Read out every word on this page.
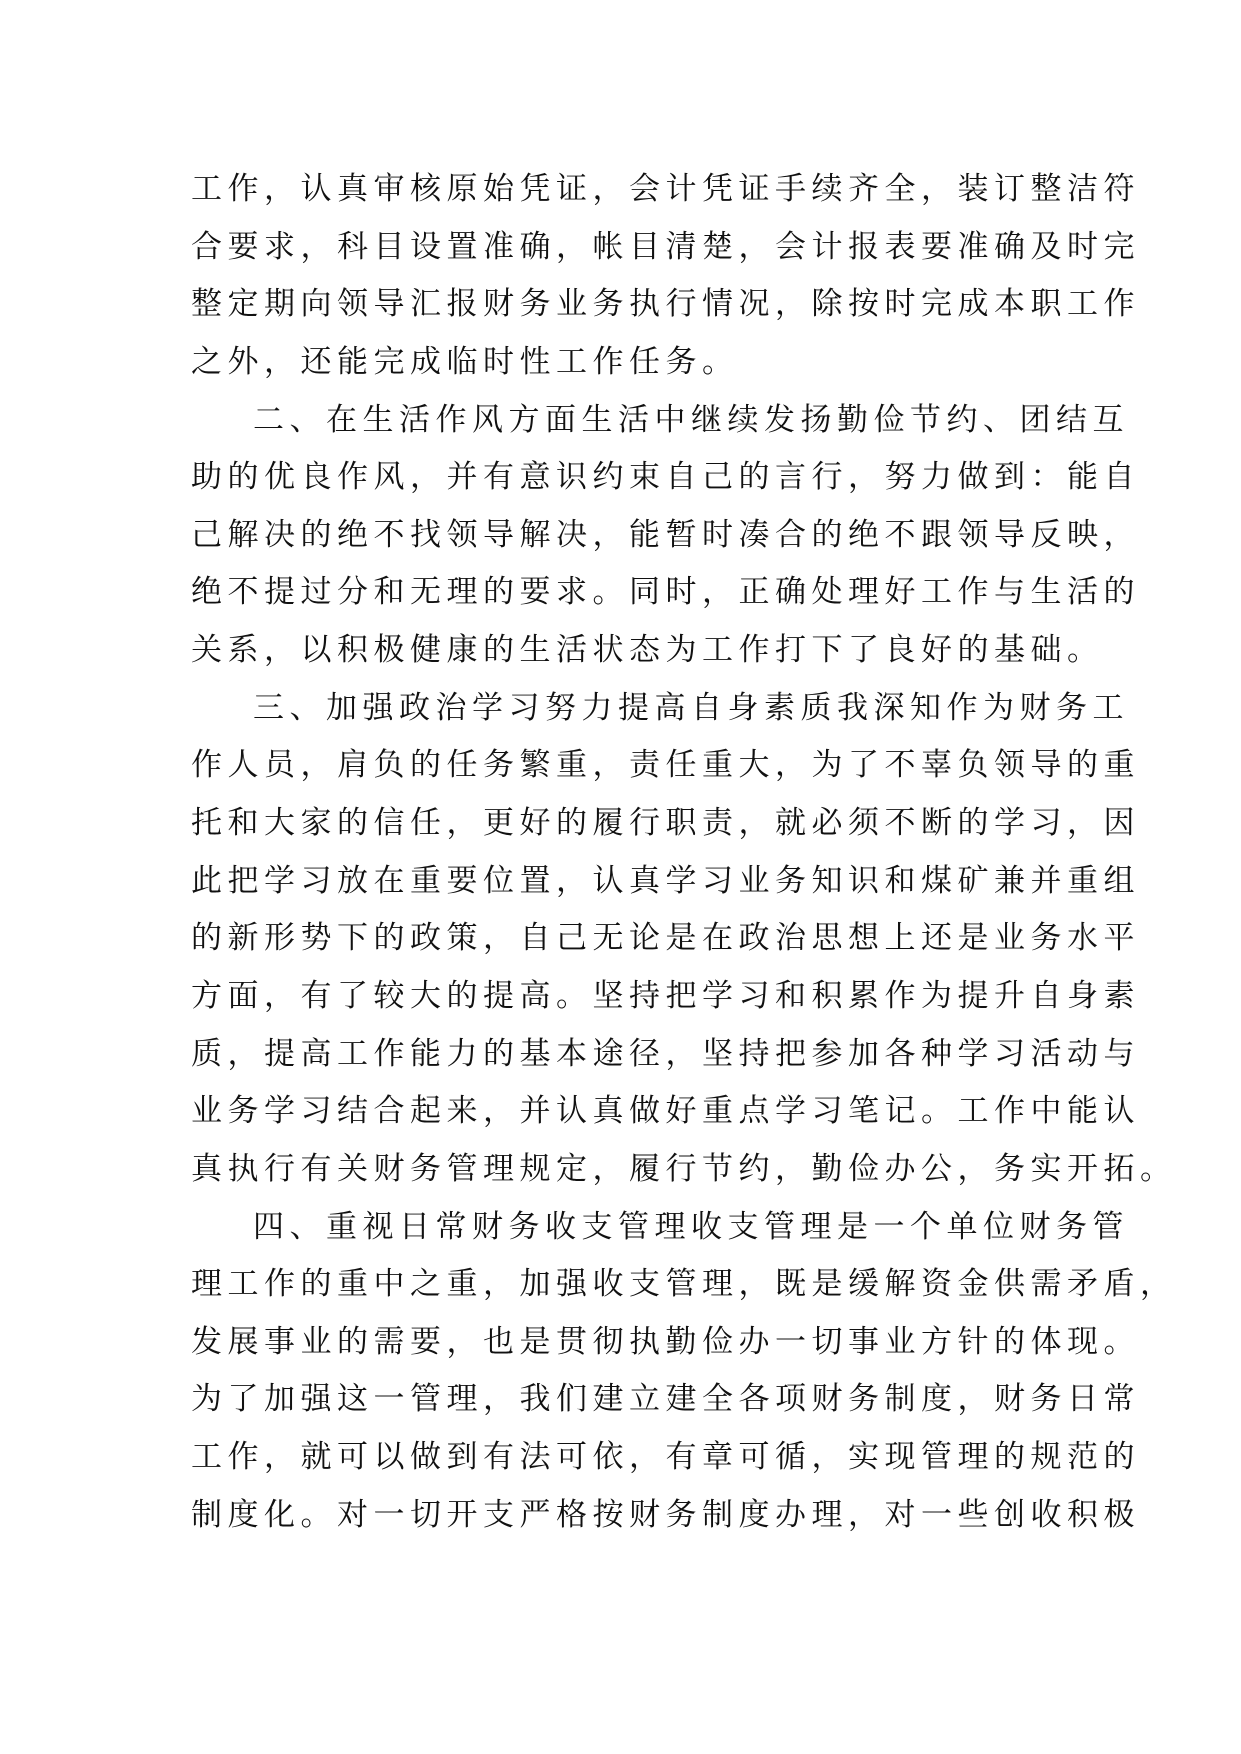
工作，认真审核原始凭证，会计凭证手续齐全，装订整洁符
合要求，科目设置准确，帐目清楚，会计报表要准确及时完
整定期向领导汇报财务业务执行情况，除按时完成本职工作
之外，还能完成临时性工作任务。
二、在生活作风方面生活中继续发扬勤俭节约、团结互
助的优良作风，并有意识约束自己的言行，努力做到：能自
己解决的绝不找领导解决，能暂时凑合的绝不跟领导反映，
绝不提过分和无理的要求。同时，正确处理好工作与生活的
关系，以积极健康的生活状态为工作打下了良好的基础。
三、加强政治学习努力提高自身素质我深知作为财务工
作人员，肩负的任务繁重，责任重大，为了不辜负领导的重
托和大家的信任，更好的履行职责，就必须不断的学习，因
此把学习放在重要位置，认真学习业务知识和煤矿兼并重组
的新形势下的政策，自己无论是在政治思想上还是业务水平
方面，有了较大的提高。坚持把学习和积累作为提升自身素
质，提高工作能力的基本途径，坚持把参加各种学习活动与
业务学习结合起来，并认真做好重点学习笔记。工作中能认
真执行有关财务管理规定，履行节约，勤俭办公，务实开拓。
四、重视日常财务收支管理收支管理是一个单位财务管
理工作的重中之重，加强收支管理，既是缓解资金供需矛盾，
发展事业的需要，也是贯彻执勤俭办一切事业方针的体现。
为了加强这一管理，我们建立建全各项财务制度，财务日常
工作，就可以做到有法可依，有章可循，实现管理的规范的
制度化。对一切开支严格按财务制度办理，对一些创收积极
